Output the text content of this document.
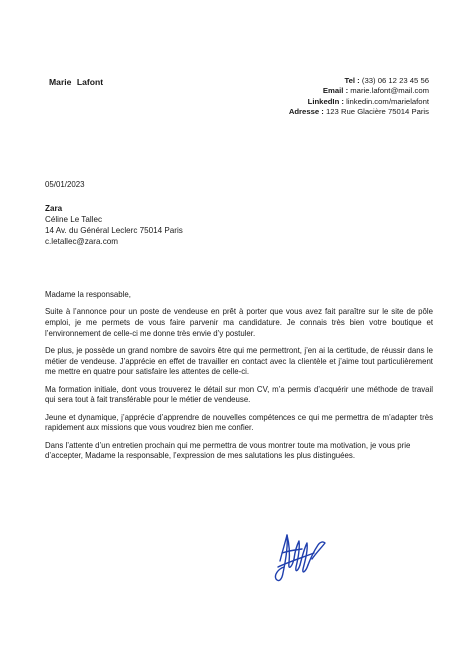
Marie Lafont	Tel : (33) 06 12 23 45 56
Email : marie.lafont@mail.com
LinkedIn : linkedin.com/marielafont
Adresse : 123 Rue Glacière 75014 Paris
05/01/2023
Zara
Céline Le Tallec
14 Av. du Général Leclerc 75014 Paris
c.letallec@zara.com

Madame la responsable,

Suite à l’annonce pour un poste de vendeuse en prêt à porter que vous avez fait paraître sur le site de pôle emploi, je me permets de vous faire parvenir ma candidature. Je connais très bien votre boutique et l’environnement de celle-ci me donne très envie d’y postuler.

De plus, je possède un grand nombre de savoirs être qui me permettront, j’en ai la certitude, de réussir dans le métier de vendeuse. J’apprécie en effet de travailler en contact avec la clientèle et j’aime tout particulièrement me mettre en quatre pour satisfaire les attentes de celle-ci.

Ma formation initiale, dont vous trouverez le détail sur mon CV, m’a permis d’acquérir une méthode de travail qui sera tout à fait transférable pour le métier de vendeuse.

Jeune et dynamique, j’apprécie d’apprendre de nouvelles compétences ce qui me permettra de m’adapter très rapidement aux missions que vous voudrez bien me confier.

Dans l’attente d’un entretien prochain qui me permettra de vous montrer toute ma motivation, je vous prie d’accepter, Madame la responsable, l’expression de mes salutations les plus distinguées.
